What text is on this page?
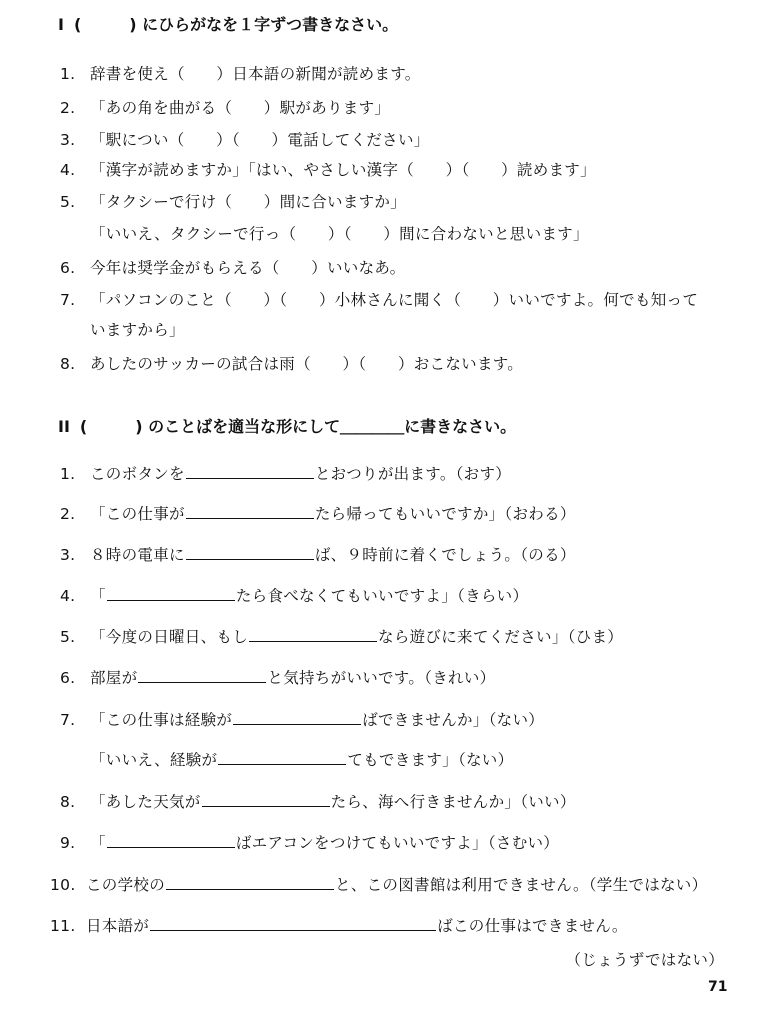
I (　　　) にひらがなを１字ずつ書きなさい。
1. 辞書を使え（　　）日本語の新聞が読めます。
2. 「あの角を曲がる（　　）駅があります」
3. 「駅につい（　　）（　　）電話してください」
4. 「漢字が読めますか」「はい、やさしい漢字（　　）（　　）読めます」
5. 「タクシーで行け（　　）間に合いますか」
「いいえ、タクシーで行っ（　　）（　　）間に合わないと思います」
6. 今年は奨学金がもらえる（　　）いいなあ。
7. 「パソコンのこと（　　）（　　）小林さんに聞く（　　）いいですよ。何でも知って
いますから」
8. あしたのサッカーの試合は雨（　　）（　　）おこないます。
II (　　　) のことばを適当な形にして＿＿＿＿に書きなさい。
1. このボタンを	とおつりが出ます。（おす）
2. 「この仕事が	たら帰ってもいいですか」（おわる）
3. ８時の電車に	ば、９時前に着くでしょう。（のる）
4. 「	たら食べなくてもいいですよ」（きらい）
5. 「今度の日曜日、もし	なら遊びに来てください」（ひま）
6. 部屋が	と気持ちがいいです。（きれい）
7. 「この仕事は経験が	ばできませんか」（ない）
「いいえ、経験が	てもできます」（ない）
8. 「あした天気が	たら、海へ行きませんか」（いい）
9. 「	ばエアコンをつけてもいいですよ」（さむい）
10. この学校の	と、この図書館は利用できません。（学生ではない）
11. 日本語が	ばこの仕事はできません。
（じょうずではない）
71
